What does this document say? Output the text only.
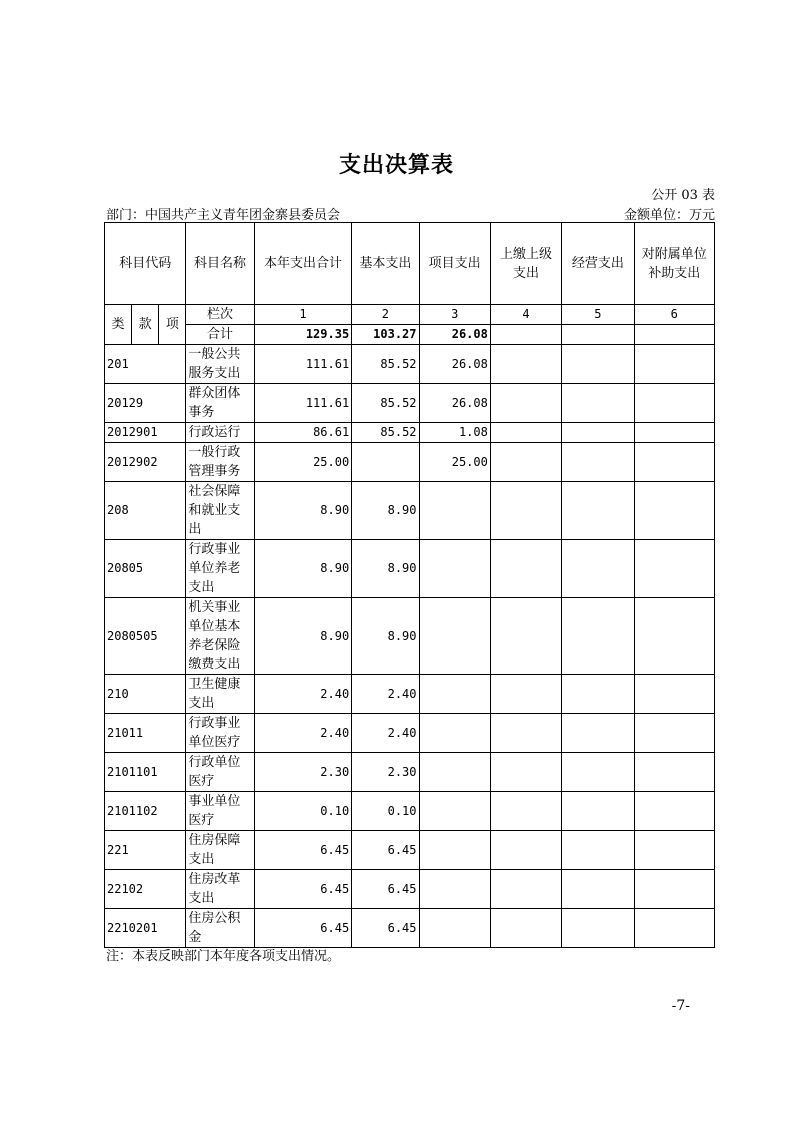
支出决算表
公开 03 表
部门：中国共产主义青年团金寨县委员会	金额单位：万元
科目代码			科目名称	本年支出合计	基本支出	项目支出	上缴上级支出	经营支出	对附属单位补助支出

类	款	项	栏次	1	2	3	4	5	6
			合计	129.35	103.27	26.08			
201			一般公共服务支出	111.61	85.52	26.08			
20129			群众团体事务	111.61	85.52	26.08			
2012901			行政运行	86.61	85.52	1.08			
2012902			一般行政管理事务	25.00		25.00			
208			社会保障和就业支出	8.90	8.90				
20805			行政事业单位养老支出	8.90	8.90				
2080505			机关事业单位基本养老保险缴费支出	8.90	8.90				
210			卫生健康支出	2.40	2.40				
21011			行政事业单位医疗	2.40	2.40				
2101101			行政单位医疗	2.30	2.30				
2101102			事业单位医疗	0.10	0.10				
221			住房保障支出	6.45	6.45				
22102			住房改革支出	6.45	6.45				
2210201			住房公积金	6.45	6.45				
注：本表反映部门本年度各项支出情况。
-7-
